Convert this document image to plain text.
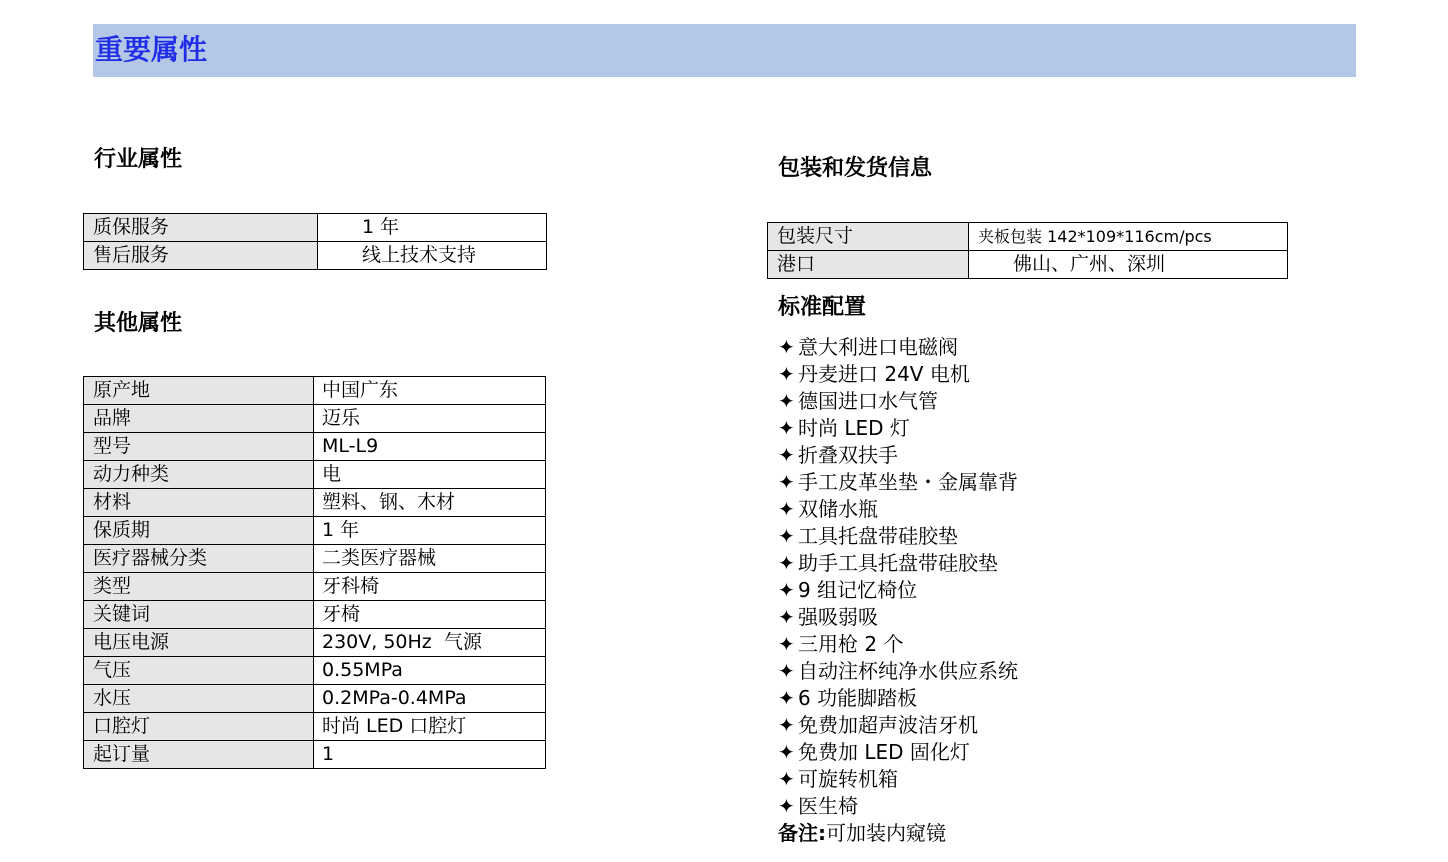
重要属性
行业属性
质保服务	1 年
售后服务	线上技术支持
其他属性
原产地	中国广东
品牌	迈乐
型号	ML-L9
动力种类	电
材料	塑料、钢、木材
保质期	1 年
医疗器械分类	二类医疗器械
类型	牙科椅
关键词	牙椅
电压电源	230V, 50Hz  气源
气压	0.55MPa
水压	0.2MPa-0.4MPa
口腔灯	时尚 LED 口腔灯
起订量	1
包装和发货信息
包装尺寸	夹板包装 142*109*116cm/pcs
港口	佛山、广州、深圳
标准配置
✦ 意大利进口电磁阀
✦ 丹麦进口 24V 电机
✦ 德国进口水气管
✦ 时尚 LED 灯
✦ 折叠双扶手
✦ 手工皮革坐垫・金属靠背
✦ 双储水瓶
✦ 工具托盘带硅胶垫
✦ 助手工具托盘带硅胶垫
✦ 9 组记忆椅位
✦ 强吸弱吸
✦ 三用枪 2 个
✦ 自动注杯纯净水供应系统
✦ 6 功能脚踏板
✦ 免费加超声波洁牙机
✦ 免费加 LED 固化灯
✦ 可旋转机箱
✦ 医生椅
备注:可加装内窥镜
